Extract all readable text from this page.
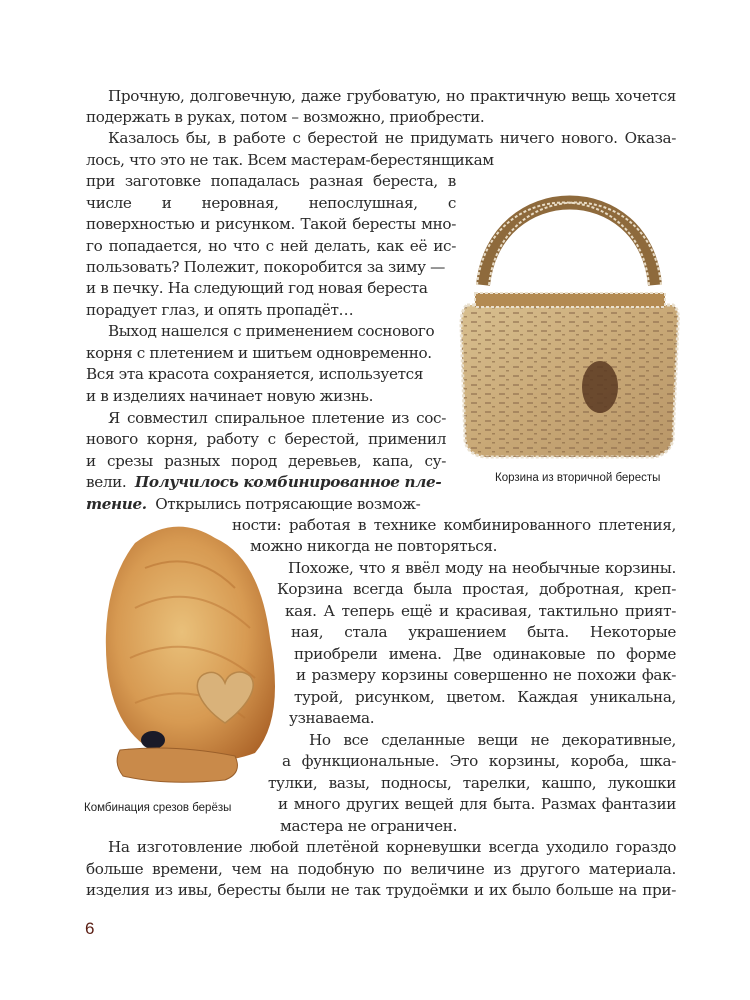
Прочную, долговечную, даже грубоватую, но практичную вещь хочется
подержать в руках, потом – возможно, приобрести.
Казалось бы, в работе с берестой не придумать ничего нового. Оказа-
лось, что это не так. Всем мастерам-берестянщикам
при заготовке попадалась разная береста, в
числе и неровная, непослушная, с
поверхностью и рисунком. Такой бересты мно-
го попадается, но что с ней делать, как её ис-
пользовать? Полежит, покоробится за зиму —
и в печку. На следующий год новая береста
порадует глаз, и опять пропадёт…
Выход нашелся с применением соснового
корня с плетением и шитьем одновременно.
Вся эта красота сохраняется, используется
и в изделиях начинает новую жизнь.
Я совместил спиральное плетение из сос-
нового корня, работу с берестой, применил
и срезы разных пород деревьев, капа, су-
вели. Получилось комбинированное пле-
тение. Открылись потрясающие возмож-
ности: работая в технике комбинированного плетения,
можно никогда не повторяться.
Похоже, что я ввёл моду на необычные корзины.
Корзина всегда была простая, добротная, креп-
кая. А теперь ещё и красивая, тактильно прият-
ная, стала украшением быта. Некоторые
приобрели имена. Две одинаковые по форме
и размеру корзины совершенно не похожи фак-
турой, рисунком, цветом. Каждая уникальна,
узнаваема.
Но все сделанные вещи не декоративные,
а функциональные. Это корзины, короба, шка-
тулки, вазы, подносы, тарелки, кашпо, лукошки
и много других вещей для быта. Размах фантазии
мастера не ограничен.
На изготовление любой плетёной корневушки всегда уходило гораздо
больше времени, чем на подобную по величине из другого материала.
изделия из ивы, бересты были не так трудоёмки и их было больше на при-
Корзина из вторичной бересты
Комбинация срезов берёзы
6
